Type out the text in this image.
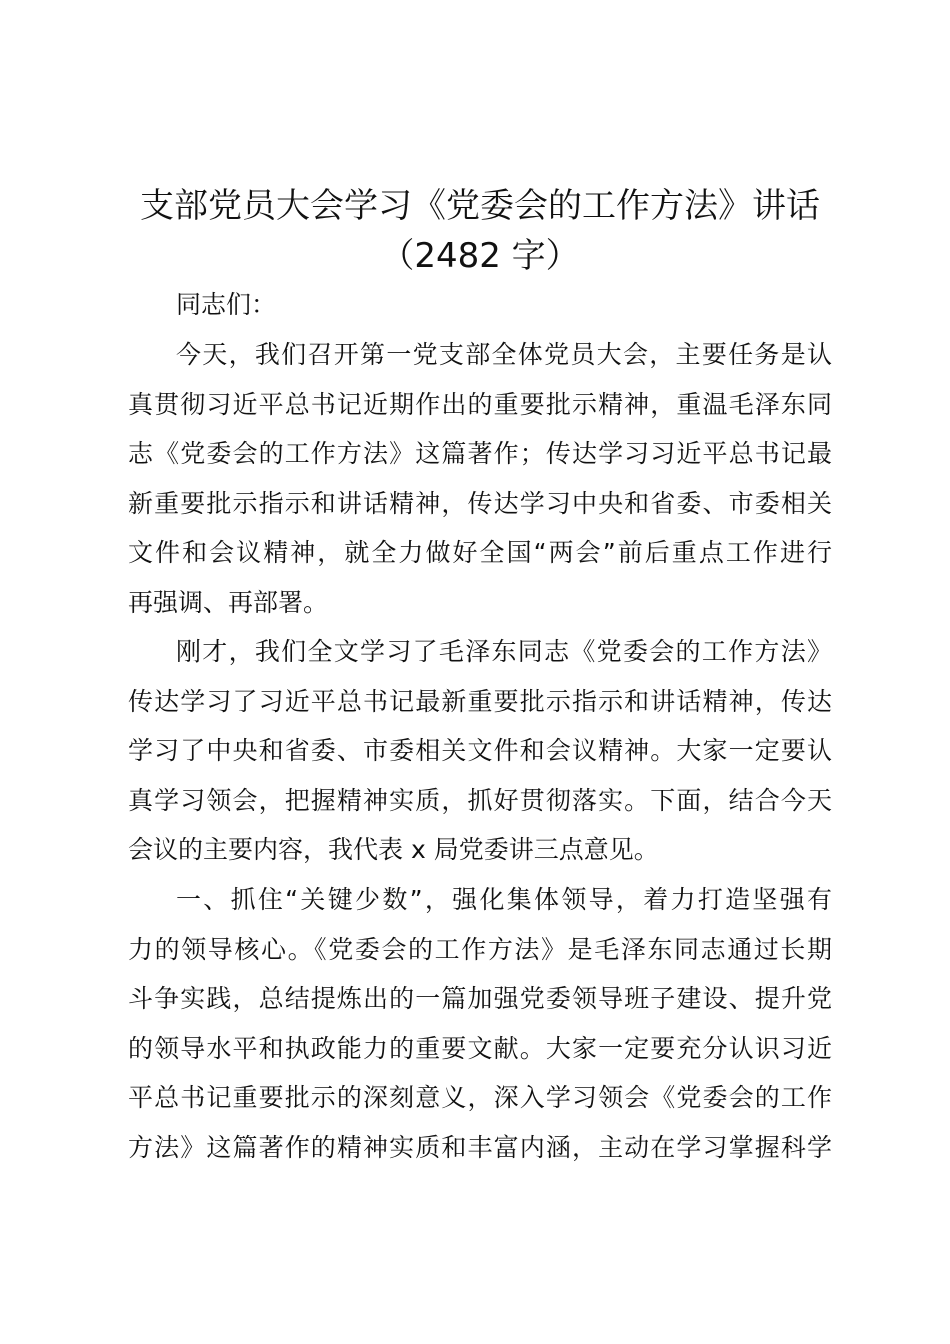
支部党员大会学习《党委会的工作方法》讲话
（2482 字）

同志们：

今天，我们召开第一党支部全体党员大会，主要任务是认
真贯彻习近平总书记近期作出的重要批示精神，重温毛泽东同
志《党委会的工作方法》这篇著作；传达学习习近平总书记最
新重要批示指示和讲话精神，传达学习中央和省委、市委相关
文件和会议精神，就全力做好全国“两会”前后重点工作进行
再强调、再部署。

刚才，我们全文学习了毛泽东同志《党委会的工作方法》
传达学习了习近平总书记最新重要批示指示和讲话精神，传达
学习了中央和省委、市委相关文件和会议精神。大家一定要认
真学习领会，把握精神实质，抓好贯彻落实。下面，结合今天
会议的主要内容，我代表 x 局党委讲三点意见。

一、抓住“关键少数”，强化集体领导，着力打造坚强有
力的领导核心。《党委会的工作方法》是毛泽东同志通过长期
斗争实践，总结提炼出的一篇加强党委领导班子建设、提升党
的领导水平和执政能力的重要文献。大家一定要充分认识习近
平总书记重要批示的深刻意义，深入学习领会《党委会的工作
方法》这篇著作的精神实质和丰富内涵，主动在学习掌握科学
